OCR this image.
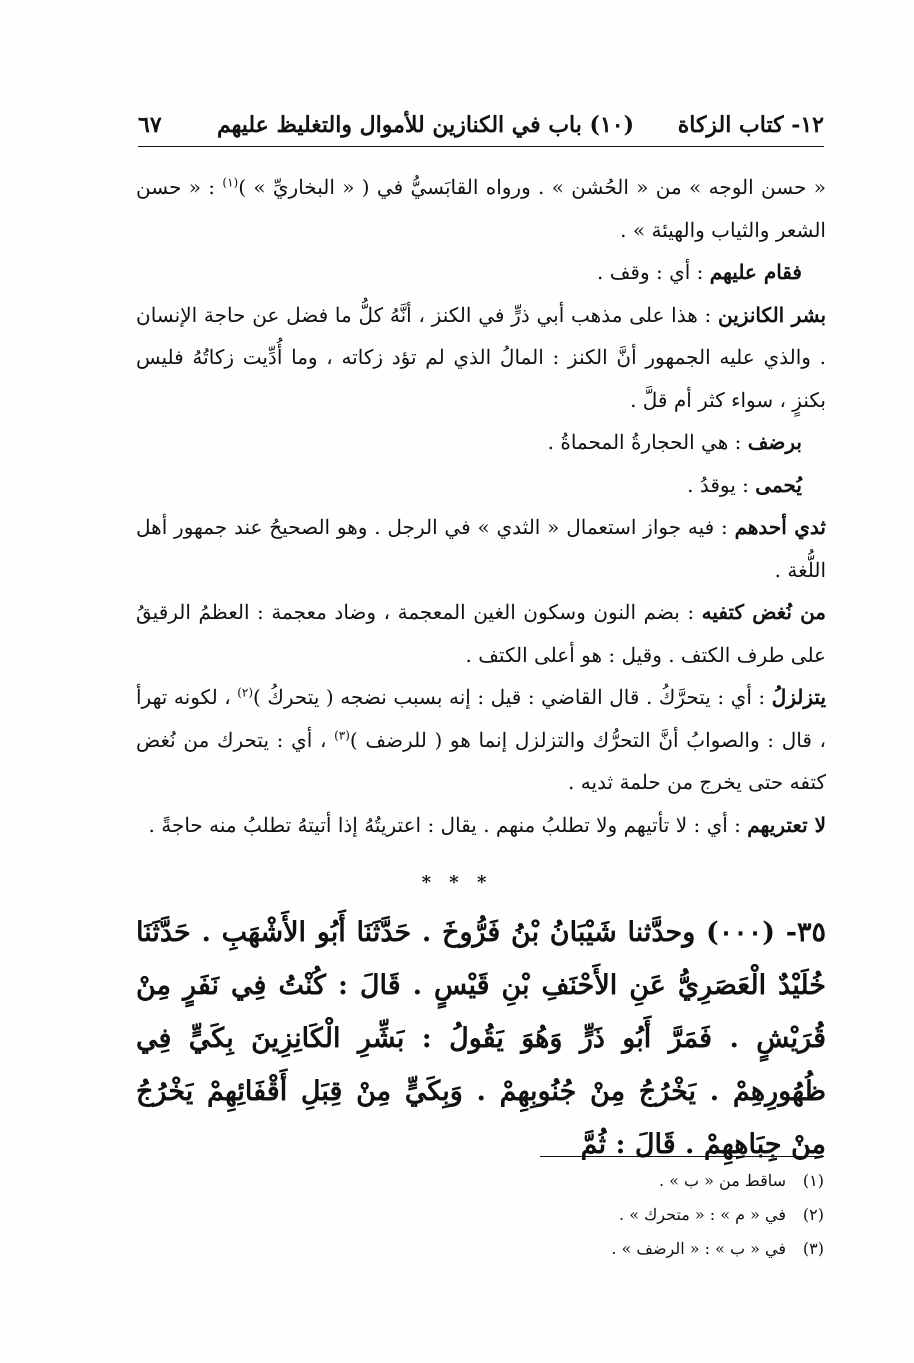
١٢- كتاب الزكاة
(١٠) باب في الكنازين للأموال والتغليظ عليهم
٦٧

« حسن الوجه » من « الحُشن » . ورواه القابَسيُّ في ( « البخاريِّ » )$^{(١)}$ : « حسن الشعر والثياب والهيئة » .

فقام عليهم : أي : وقف .

بشر الكانزين : هذا على مذهب أبي ذرٍّ في الكنز ، أنَّهُ كلُّ ما فضل عن حاجة الإنسان . والذي عليه الجمهور أنَّ الكنز : المالُ الذي لم تؤد زكاته ، وما أُدِّيت زكاتُهُ فليس بكنزٍ ، سواء كثر أم قلَّ .

برضف : هي الحجارةُ المحماةُ .

يُحمى : يوقدُ .

ثدي أحدهم : فيه جواز استعمال « الثدي » في الرجل . وهو الصحيحُ عند جمهور أهل اللُّغة .

من نُغض كتفيه : بضم النون وسكون الغين المعجمة ، وضاد معجمة : العظمُ الرقيقُ على طرف الكتف . وقيل : هو أعلى الكتف .

يتزلزلُ : أي : يتحرَّكُ . قال القاضي : قيل : إنه بسبب نضجه ( يتحركُ )$^{(٢)}$ ، لكونه تهرأ ، قال : والصوابُ أنَّ التحرُّك والتزلزل إنما هو ( للرضف )$^{(٣)}$ ، أي : يتحرك من نُغض كتفه حتى يخرج من حلمة ثديه .

لا تعتريهم : أي : لا تأتيهم ولا تطلبُ منهم . يقال : اعتريتُهُ إذا أتيتهُ تطلبُ منه حاجةً .

* * *

٣٥- (٠٠٠) وحدَّثنا شَيْبَانُ بْنُ فَرُّوخَ . حَدَّثَنَا أَبُو الأَشْهَبِ . حَدَّثَنَا خُلَيْدٌ الْعَصَرِيُّ عَنِ الأَحْنَفِ بْنِ قَيْسٍ . قَالَ : كُنْتُ فِي نَفَرٍ مِنْ قُرَيْشٍ . فَمَرَّ أَبُو ذَرٍّ وَهُوَ يَقُولُ : بَشِّرِ الْكَانِزِينَ بِكَيٍّ فِي ظُهُورِهِمْ . يَخْرُجُ مِنْ جُنُوبِهِمْ . وَبِكَيٍّ مِنْ قِبَلِ أَقْفَائِهِمْ يَخْرُجُ مِنْ جِبَاهِهِمْ . قَالَ : ثُمَّ

(١)ساقط من « ب » .
(٢)في « م » : « متحرك » .
(٣)في « ب » : « الرضف » .
